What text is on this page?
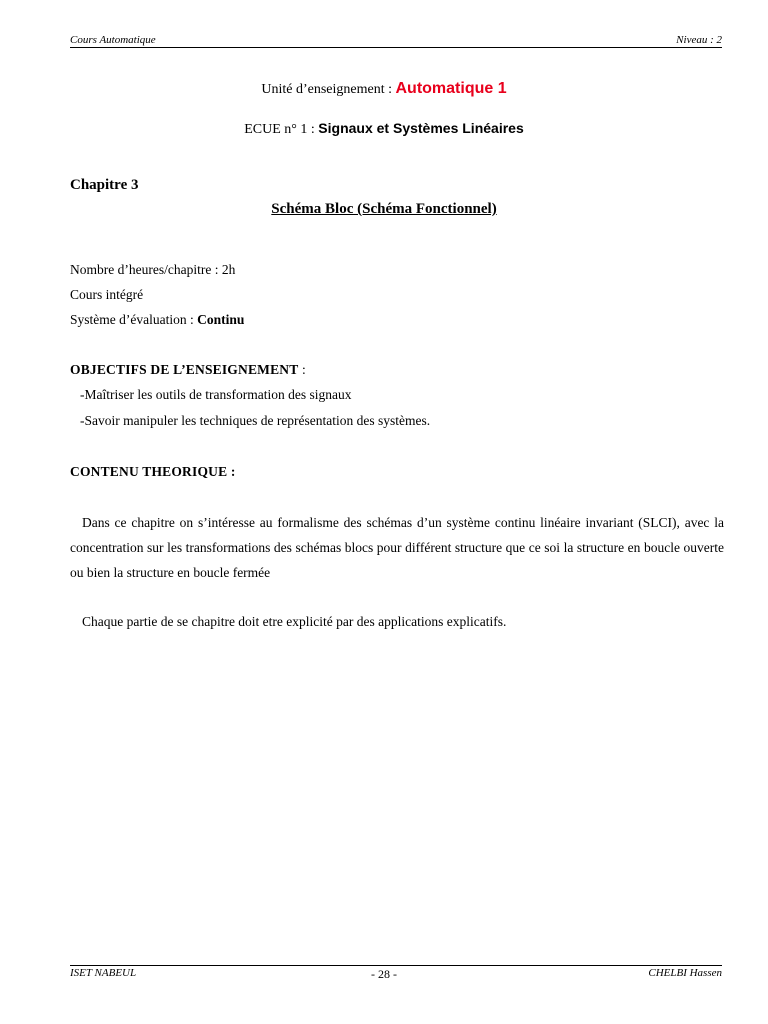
Cours Automatique	Niveau : 2
Unité d’enseignement : Automatique 1
ECUE n° 1 : Signaux et Systèmes Linéaires
Chapitre 3
Schéma Bloc (Schéma Fonctionnel)
Nombre d’heures/chapitre : 2h
Cours intégré
Système d’évaluation : Continu
OBJECTIFS DE L’ENSEIGNEMENT :
-Maîtriser les outils de transformation des signaux
-Savoir manipuler les techniques de représentation des systèmes.
CONTENU THEORIQUE :
Dans ce chapitre on s’intéresse au formalisme des schémas d’un système continu linéaire invariant (SLCI), avec la concentration sur les transformations des schémas blocs pour différent structure que ce soi la structure en boucle ouverte ou bien la structure en boucle fermée
Chaque partie de se chapitre doit etre explicité par des applications explicatifs.
ISET NABEUL	- 28 -	CHELBI Hassen
